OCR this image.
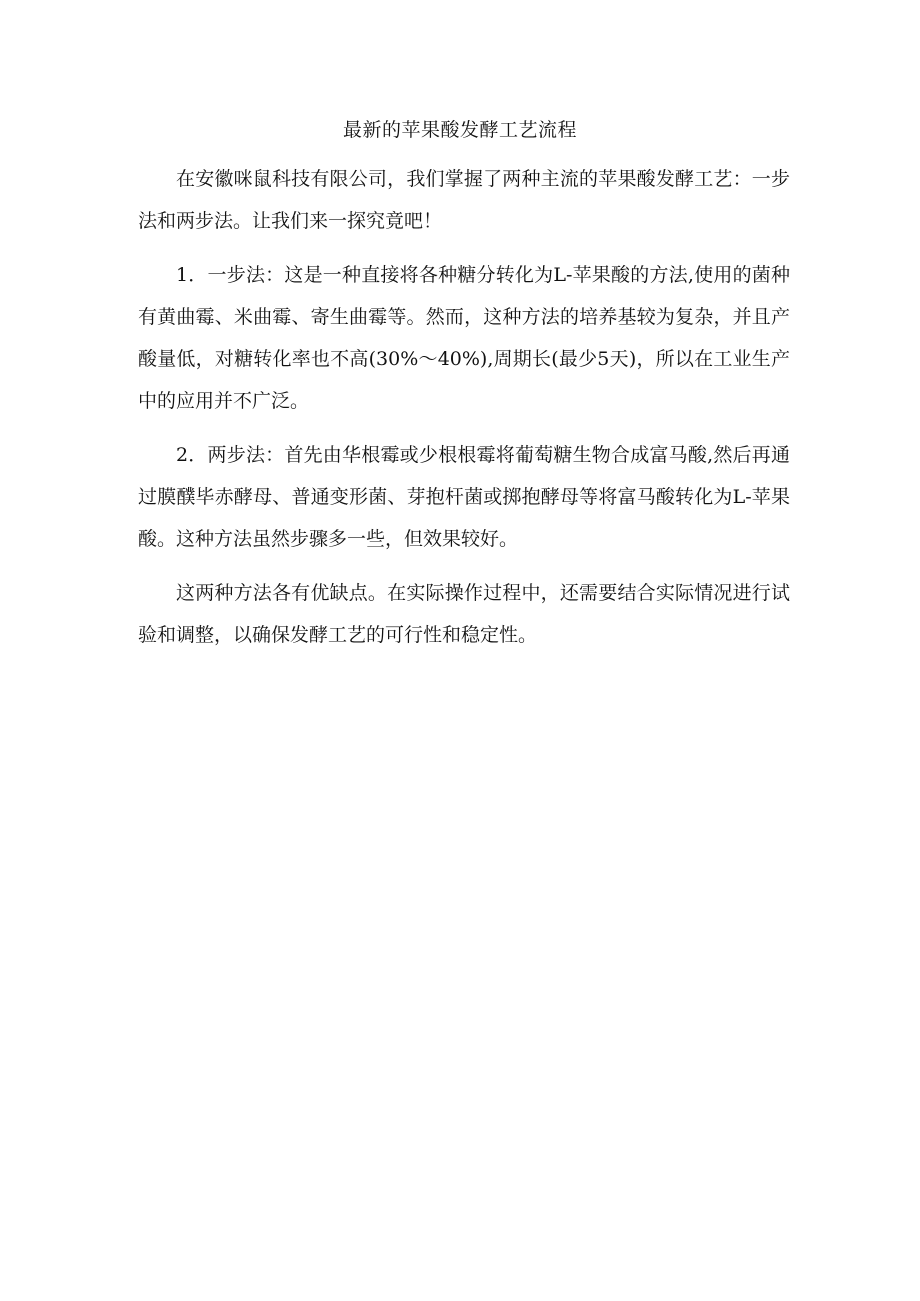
最新的苹果酸发酵工艺流程

在安徽咪鼠科技有限公司，我们掌握了两种主流的苹果酸发酵工艺：一步法和两步法。让我们来一探究竟吧！

1．一步法：这是一种直接将各种糖分转化为L-苹果酸的方法,使用的菌种有黄曲霉、米曲霉、寄生曲霉等。然而，这种方法的培养基较为复杂，并且产酸量低，对糖转化率也不高(30%～40%),周期长(最少5天)，所以在工业生产中的应用并不广泛。

2．两步法：首先由华根霉或少根根霉将葡萄糖生物合成富马酸,然后再通过膜醭毕赤酵母、普通变形菌、芽抱杆菌或掷抱酵母等将富马酸转化为L-苹果酸。这种方法虽然步骤多一些，但效果较好。

这两种方法各有优缺点。在实际操作过程中，还需要结合实际情况进行试验和调整，以确保发酵工艺的可行性和稳定性。
